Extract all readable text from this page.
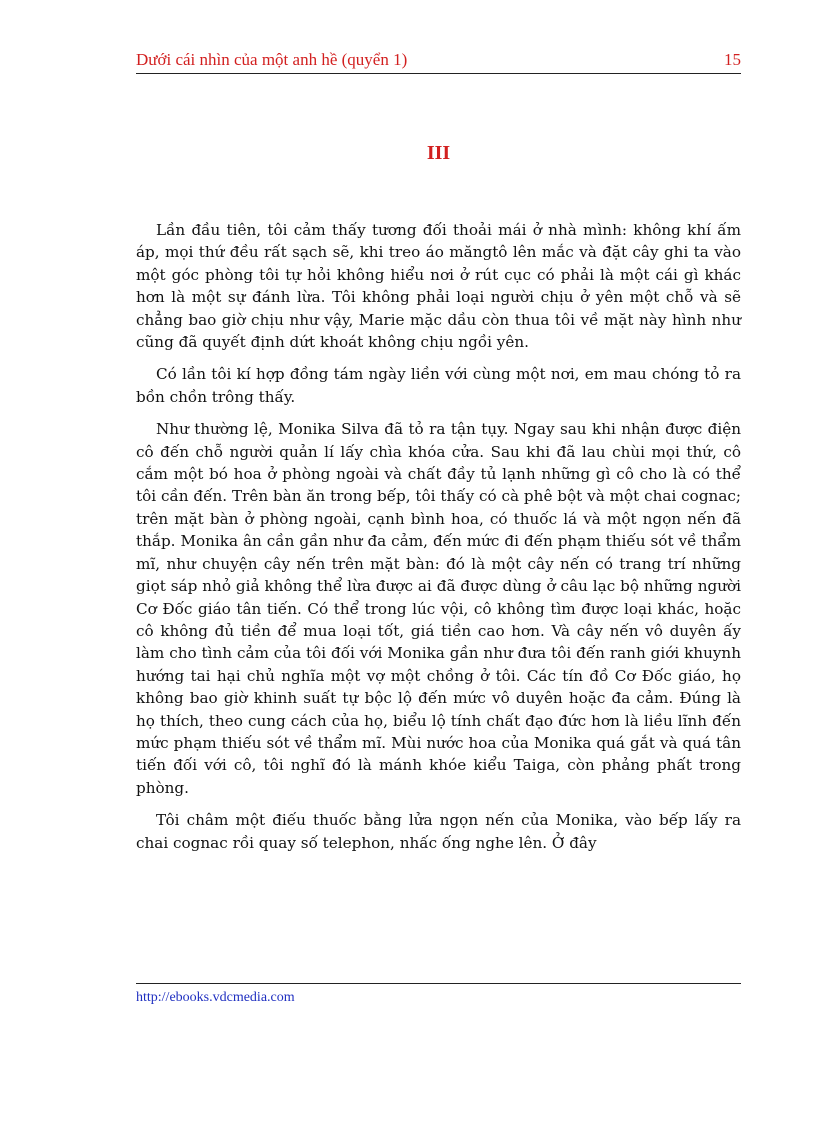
Dưới cái nhìn của một anh hề (quyển 1)	15
III

Lần đầu tiên, tôi cảm thấy tương đối thoải mái ở nhà mình: không khí ấm áp, mọi thứ đều rất sạch sẽ, khi treo áo măngtô lên mắc và đặt cây ghi ta vào một góc phòng tôi tự hỏi không hiểu nơi ở rút cục có phải là một cái gì khác hơn là một sự đánh lừa. Tôi không phải loại người chịu ở yên một chỗ và sẽ chẳng bao giờ chịu như vậy, Marie mặc dầu còn thua tôi về mặt này hình như cũng đã quyết định dứt khoát không chịu ngồi yên.

Có lần tôi kí hợp đồng tám ngày liền với cùng một nơi, em mau chóng tỏ ra bồn chồn trông thấy.

Như thường lệ, Monika Silva đã tỏ ra tận tụy. Ngay sau khi nhận được điện cô đến chỗ người quản lí lấy chìa khóa cửa. Sau khi đã lau chùi mọi thứ, cô cắm một bó hoa ở phòng ngoài và chất đầy tủ lạnh những gì cô cho là có thể tôi cần đến. Trên bàn ăn trong bếp, tôi thấy có cà phê bột và một chai cognac; trên mặt bàn ở phòng ngoài, cạnh bình hoa, có thuốc lá và một ngọn nến đã thắp. Monika ân cần gần như đa cảm, đến mức đi đến phạm thiếu sót về thẩm mĩ, như chuyện cây nến trên mặt bàn: đó là một cây nến có trang trí những giọt sáp nhỏ giả không thể lừa được ai đã được dùng ở câu lạc bộ những người Cơ Đốc giáo tân tiến. Có thể trong lúc vội, cô không tìm được loại khác, hoặc cô không đủ tiền để mua loại tốt, giá tiền cao hơn. Và cây nến vô duyên ấy làm cho tình cảm của tôi đối với Monika gần như đưa tôi đến ranh giới khuynh hướng tai hại chủ nghĩa một vợ một chồng ở tôi. Các tín đồ Cơ Đốc giáo, họ không bao giờ khinh suất tự bộc lộ đến mức vô duyên hoặc đa cảm. Đúng là họ thích, theo cung cách của họ, biểu lộ tính chất đạo đức hơn là liều lĩnh đến mức phạm thiếu sót về thẩm mĩ. Mùi nước hoa của Monika quá gắt và quá tân tiến đối với cô, tôi nghĩ đó là mánh khóe kiểu Taiga, còn phảng phất trong phòng.

Tôi châm một điếu thuốc bằng lửa ngọn nến của Monika, vào bếp lấy ra chai cognac rồi quay số telephon, nhấc ống nghe lên. Ở đây

http://ebooks.vdcmedia.com
